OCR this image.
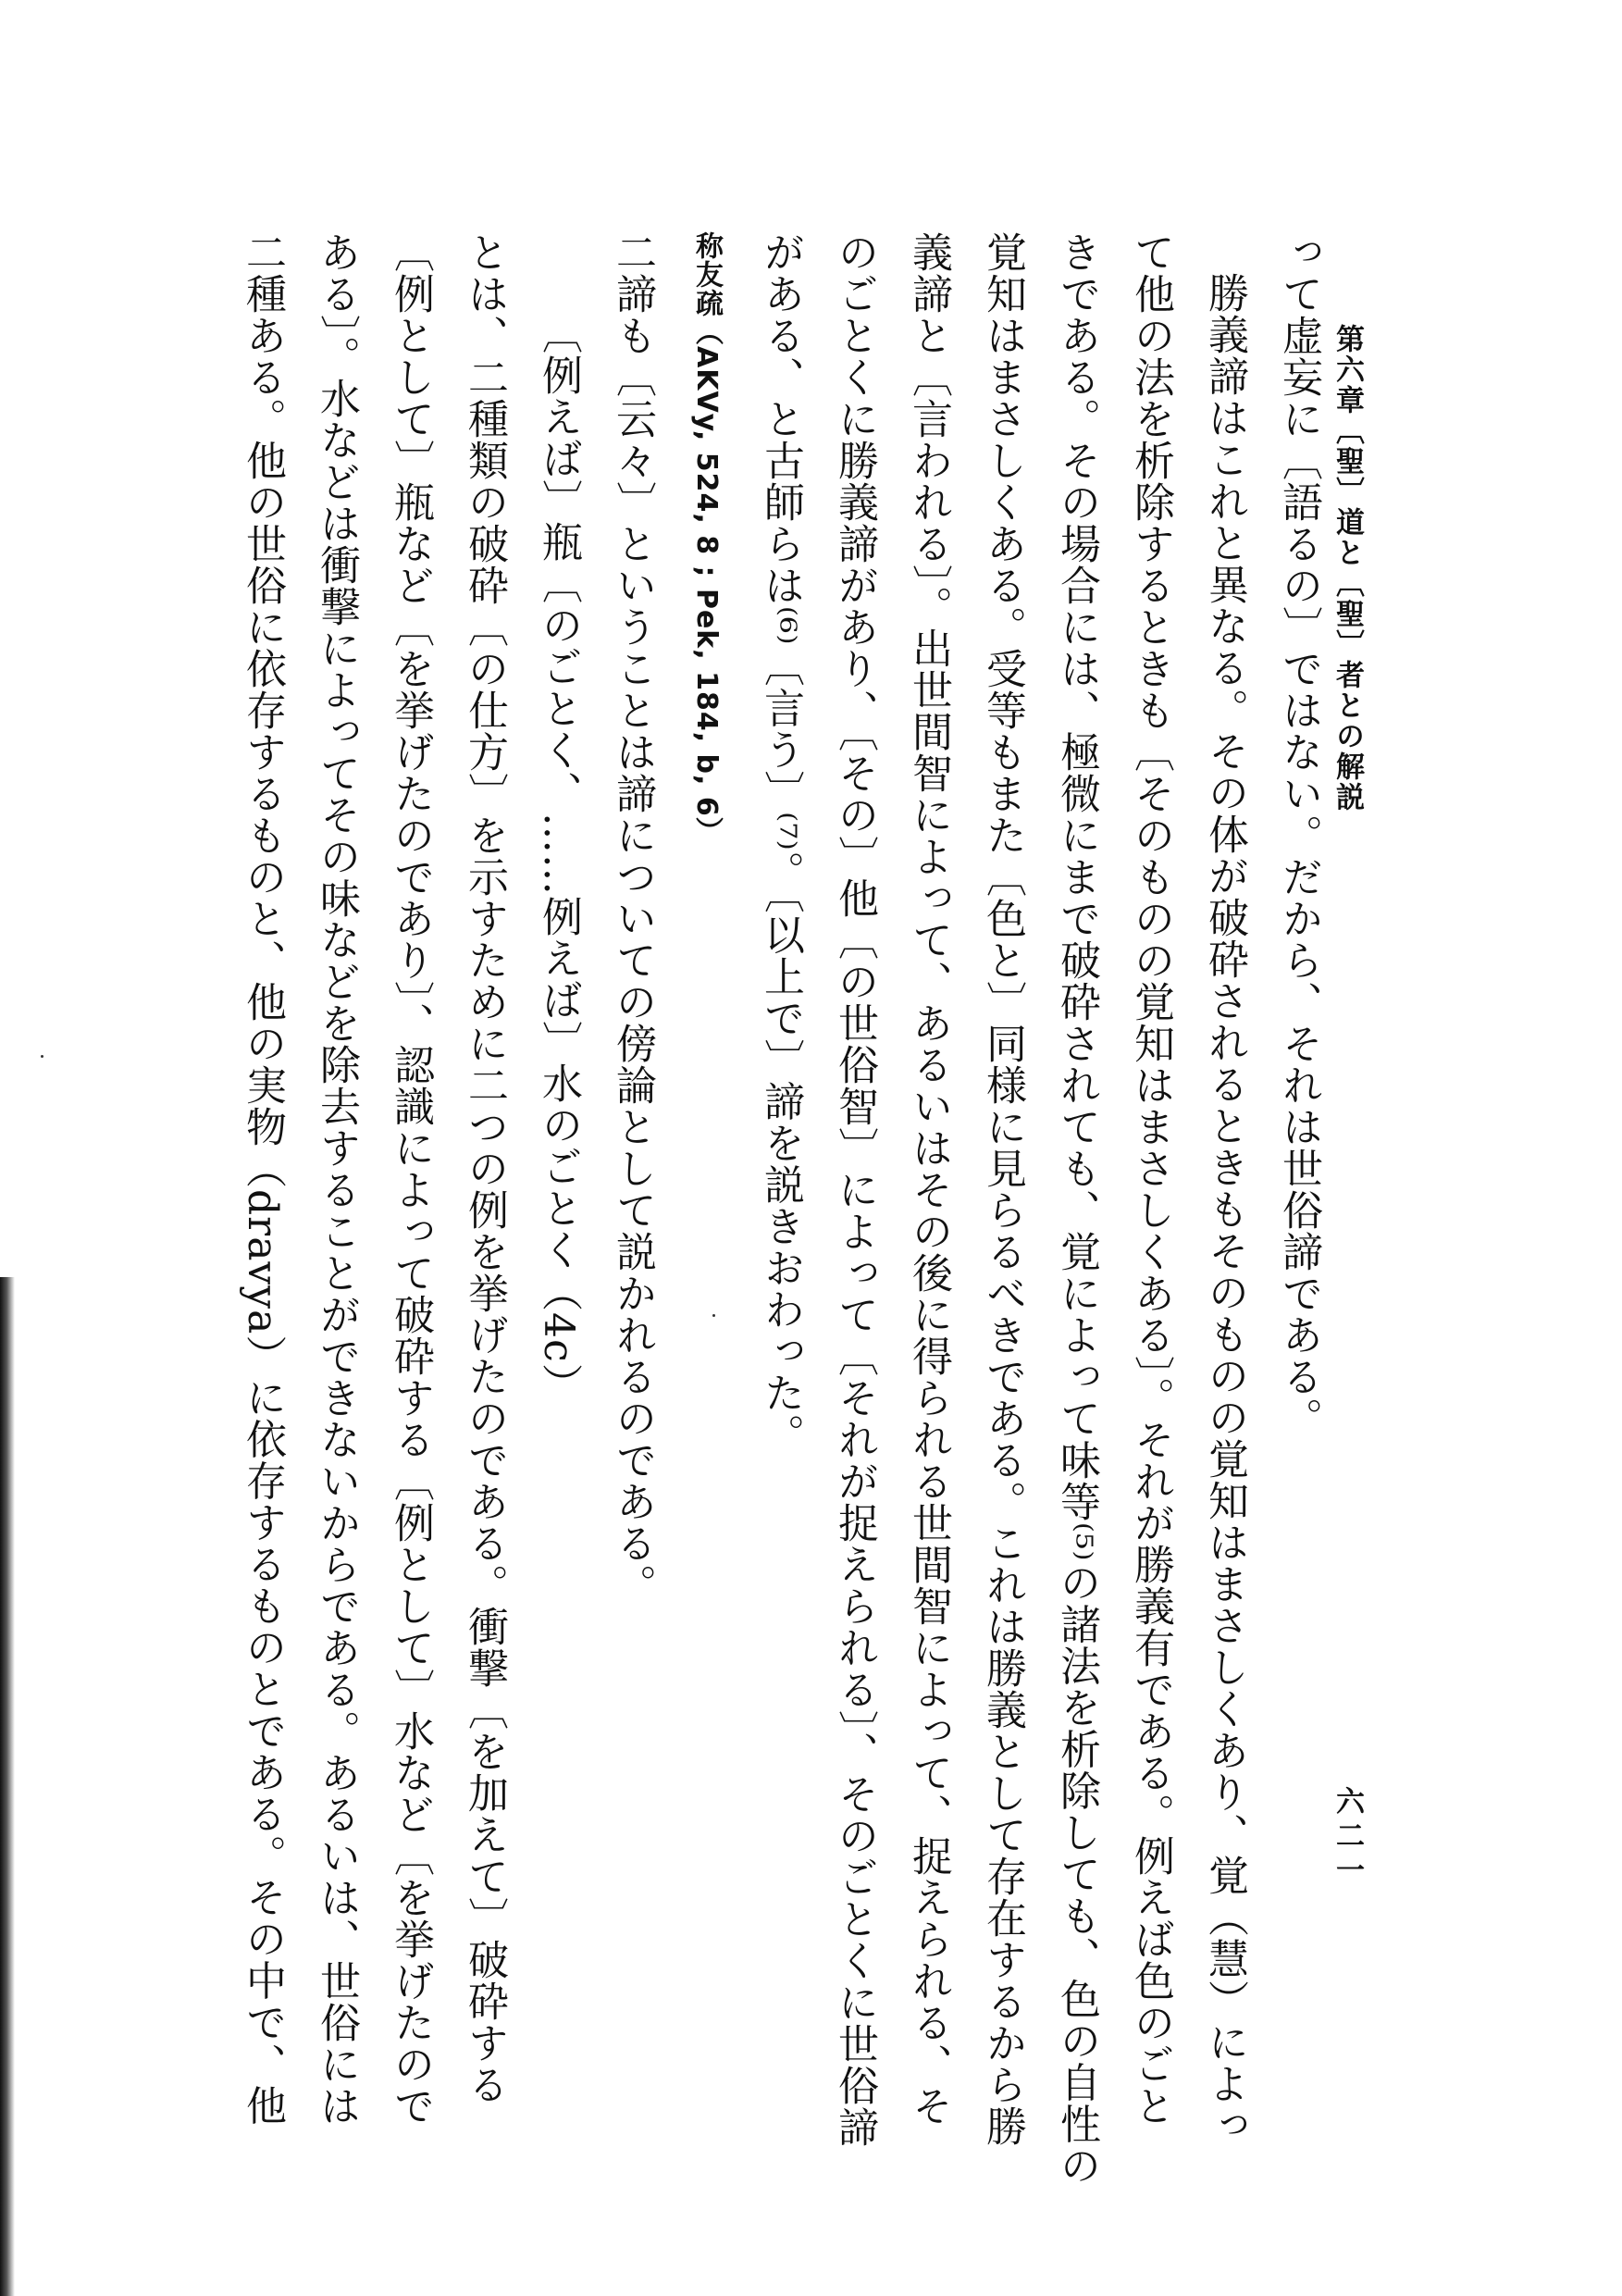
第六章〔聖〕道と〔聖〕者との解説
六二一
って虚妄に〔語るの〕ではない。だから、それは世俗諦である。
勝義諦はこれと異なる。その体が破砕されるときもそのものの覚知はまさしくあり、覚（慧）によっ
て他の法を析除するときも〔そのものの覚知はまさしくある〕。それが勝義有である。例えば色のごと
きである。その場合には、極微にまで破砕されても、覚によって味等⁽⁵⁾の諸法を析除しても、色の自性の
覚知はまさしくある。受等もまた〔色と〕同様に見らるべきである。これは勝義として存在するから勝
義諦と〔言われる〕。出世間智によって、あるいはその後に得られる世間智によって、捉えられる、そ
のごとくに勝義諦があり、〔その〕他〔の世俗智〕によって〔それが捉えられる〕、そのごとくに世俗諦
がある、と古師らは⁽⁶⁾〔言う〕⁽⁷⁾。〔以上で〕諦を説きおわった。
称友疏（AKVy, 524, 8 ; Pek, 184, b, 6）
二諦も〔云々〕ということは諦についての傍論として説かれるのである。
〔例えば〕瓶〔のごとく、……例えば〕水のごとく（4c）
とは、二種類の破砕〔の仕方〕を示すために二つの例を挙げたのである。衝撃〔を加えて〕破砕する
〔例として〕瓶など〔を挙げたのであり〕、認識によって破砕する〔例として〕水など〔を挙げたので
ある〕。水などは衝撃によってその味などを除去することができないからである。あるいは、世俗には
二種ある。他の世俗に依存するものと、他の実物（dravya）に依存するものとである。その中で、他
